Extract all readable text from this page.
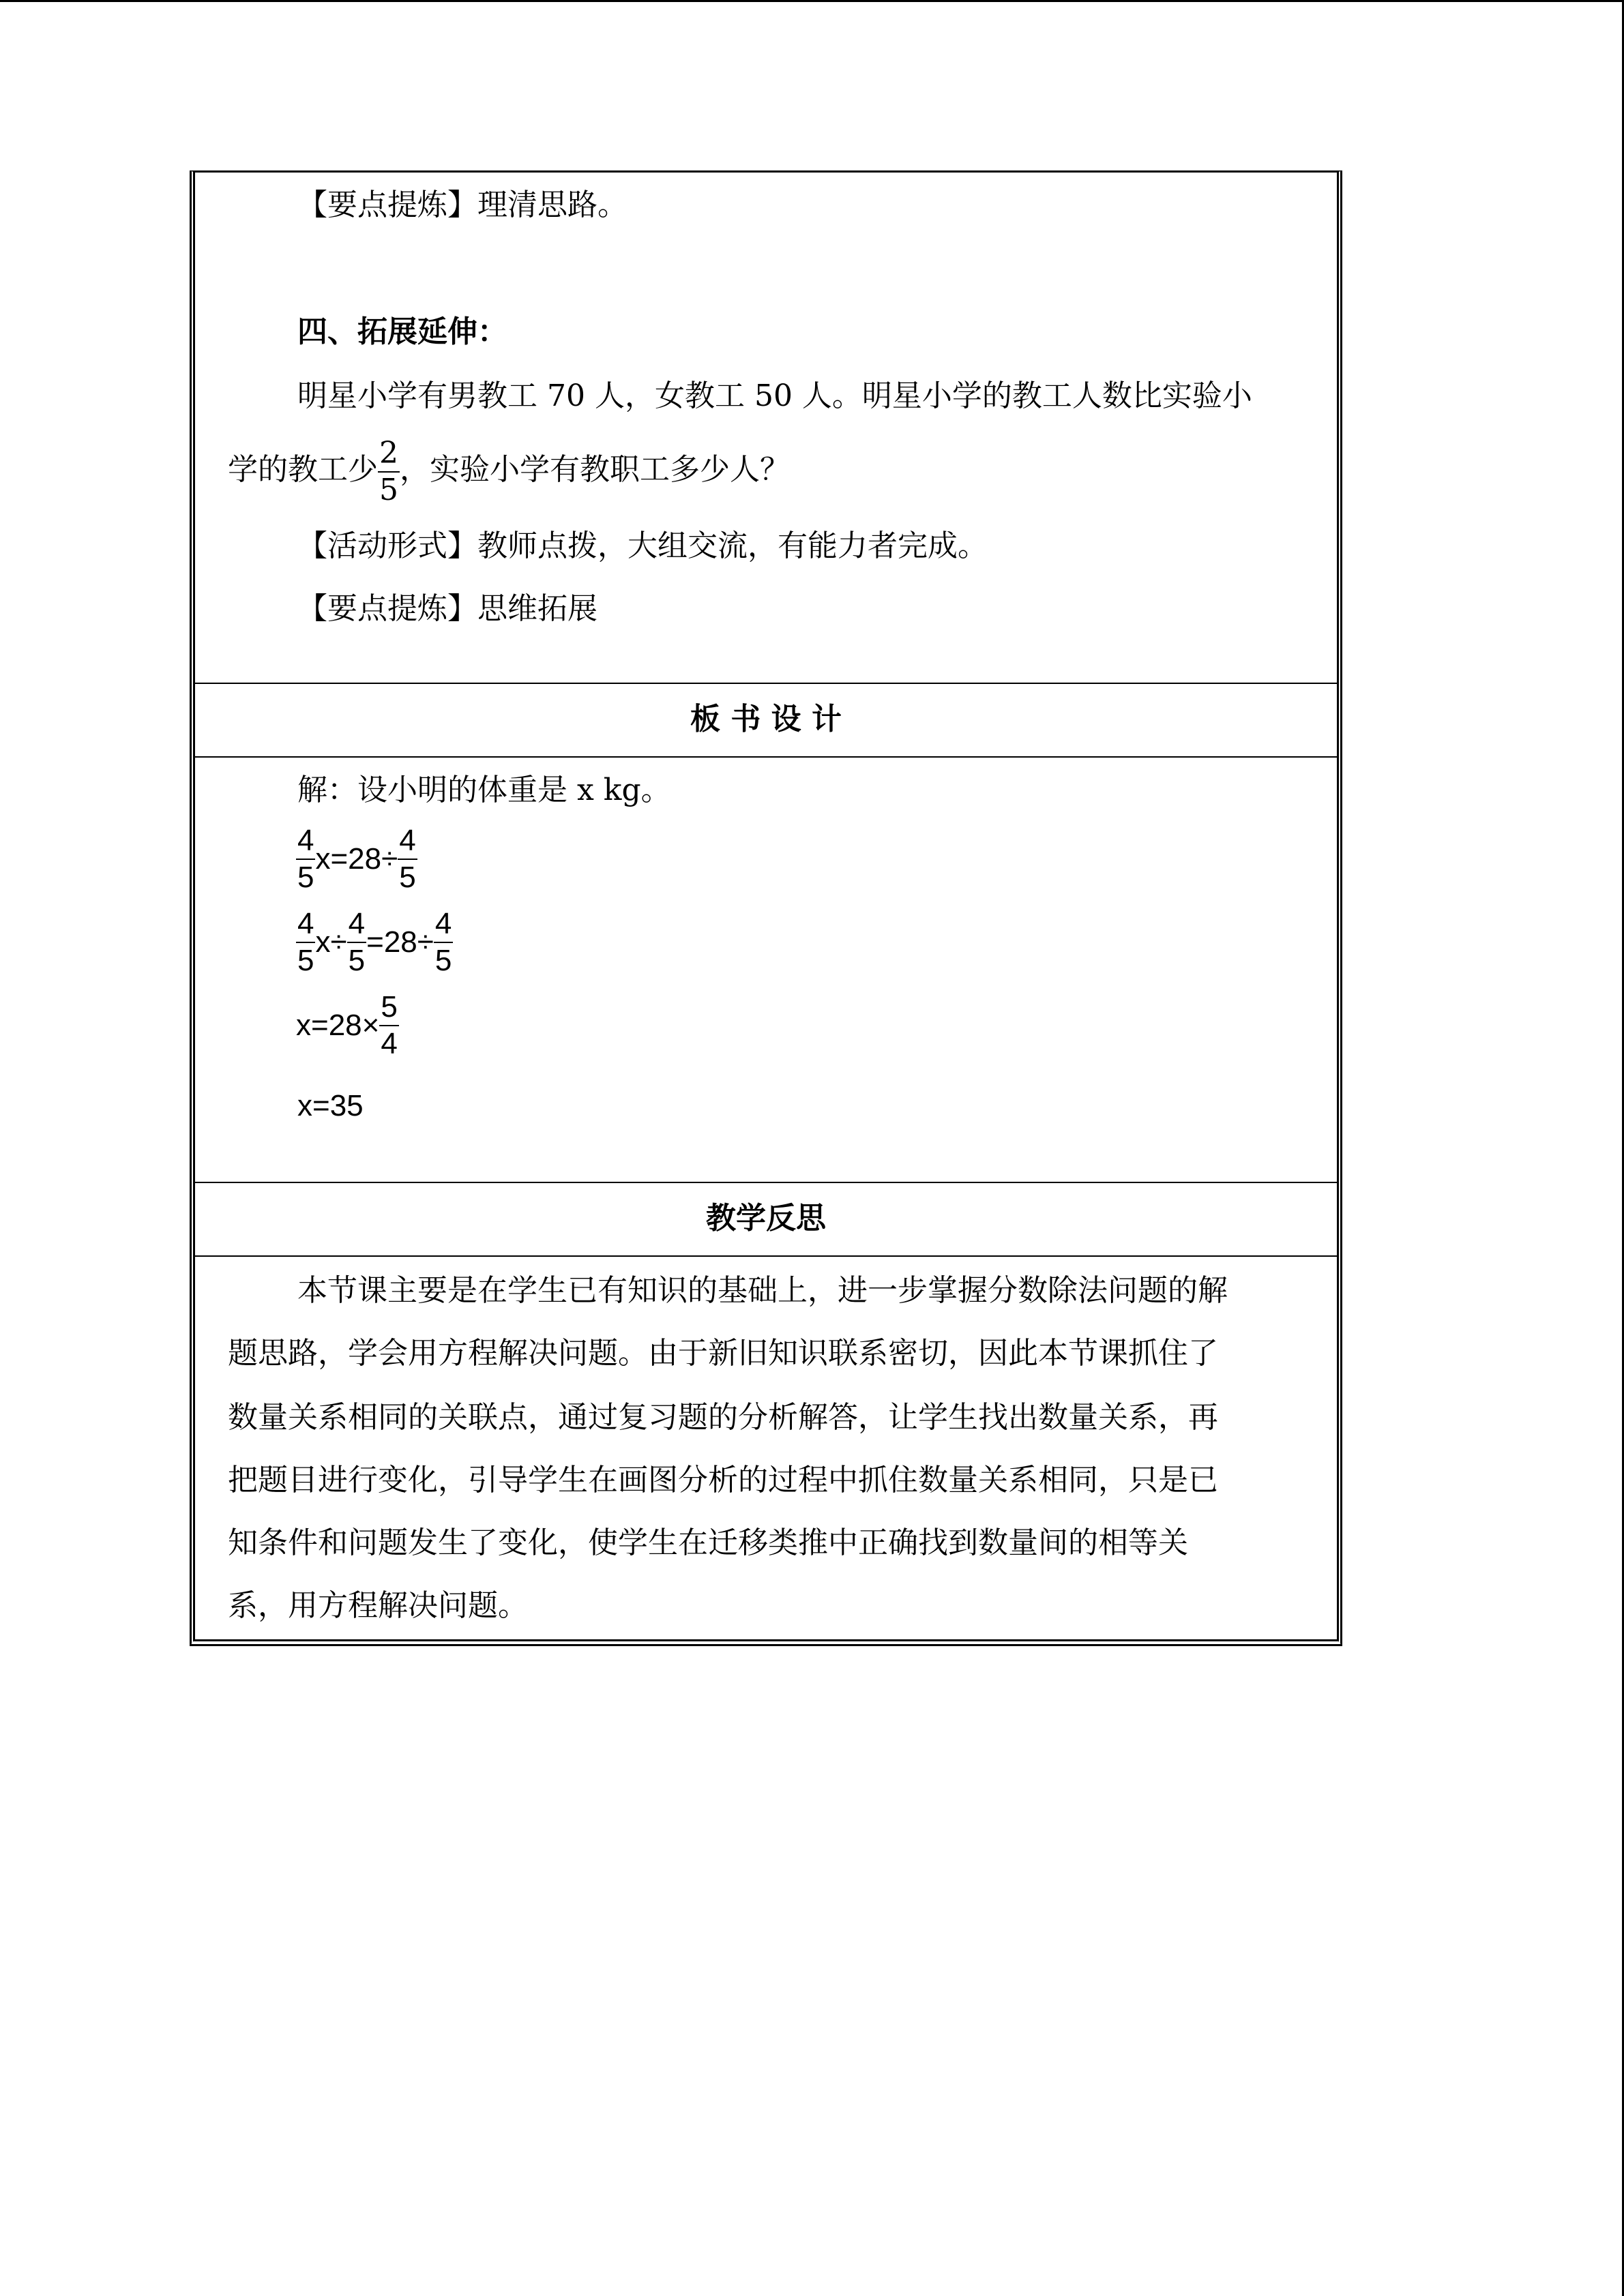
【要点提炼】理清思路。
四、拓展延伸：
明星小学有男教工 70 人，女教工 50 人。明星小学的教工人数比实验小
学的教工少 $\frac{2}{5}$ ，实验小学有教职工多少人？
【活动形式】教师点拨，大组交流，有能力者完成。
【要点提炼】思维拓展
板 书 设 计
解：设小明的体重是 x kg。
$\frac{4}{5} x=28\div \frac{4}{5}$
$\frac{4}{5} x\div \frac{4}{5} =28\div \frac{4}{5}$
$x=28\times \frac{5}{4}$
x=35
教学反思
本节课主要是在学生已有知识的基础上，进一步掌握分数除法问题的解
题思路，学会用方程解决问题。由于新旧知识联系密切，因此本节课抓住了
数量关系相同的关联点，通过复习题的分析解答，让学生找出数量关系，再
把题目进行变化，引导学生在画图分析的过程中抓住数量关系相同，只是已
知条件和问题发生了变化，使学生在迁移类推中正确找到数量间的相等关
系，用方程解决问题。
